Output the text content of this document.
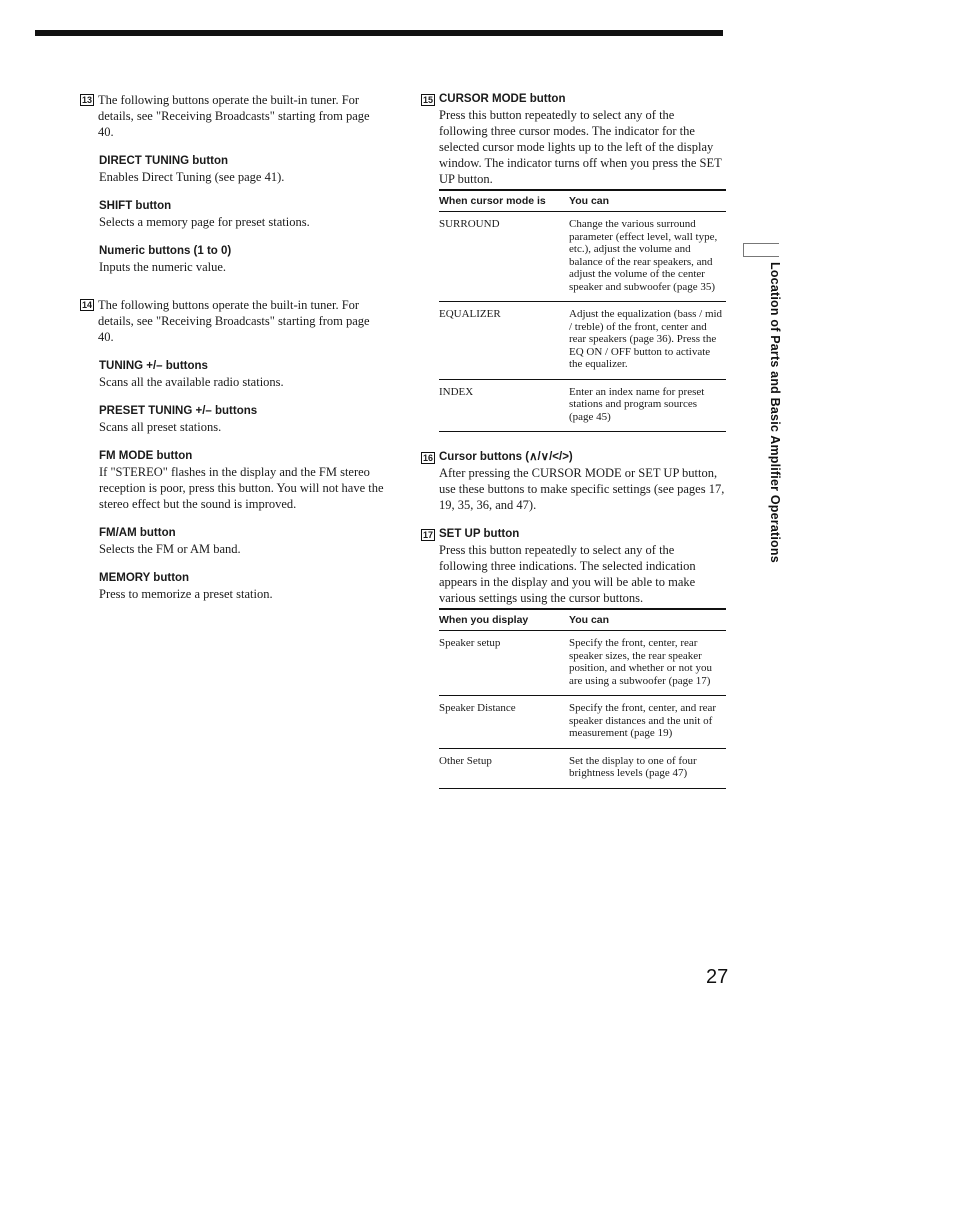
13 The following buttons operate the built-in tuner. For details, see "Receiving Broadcasts" starting from page 40.
DIRECT TUNING button
Enables Direct Tuning (see page 41).
SHIFT button
Selects a memory page for preset stations.
Numeric buttons (1 to 0)
Inputs the numeric value.
14 The following buttons operate the built-in tuner. For details, see "Receiving Broadcasts" starting from page 40.
TUNING +/– buttons
Scans all the available radio stations.
PRESET TUNING +/– buttons
Scans all preset stations.
FM MODE button
If "STEREO" flashes in the display and the FM stereo reception is poor, press this button. You will not have the stereo effect but the sound is improved.
FM/AM button
Selects the FM or AM band.
MEMORY button
Press to memorize a preset station.
15 CURSOR MODE button
Press this button repeatedly to select any of the following three cursor modes. The indicator for the selected cursor mode lights up to the left of the display window. The indicator turns off when you press the SET UP button.
When cursor mode is	You can
SURROUND	Change the various surround parameter (effect level, wall type, etc.), adjust the volume and balance of the rear speakers, and adjust the volume of the center speaker and subwoofer (page 35)
EQUALIZER	Adjust the equalization (bass / mid / treble) of the front, center and rear speakers (page 36). Press the EQ ON / OFF button to activate the equalizer.
INDEX	Enter an index name for preset stations and program sources (page 45)
16 Cursor buttons (∧/∨/</>)
After pressing the CURSOR MODE or SET UP button, use these buttons to make specific settings (see pages 17, 19, 35, 36, and 47).
17 SET UP button
Press this button repeatedly to select any of the following three indications. The selected indication appears in the display and you will be able to make various settings using the cursor buttons.
When you display	You can
Speaker setup	Specify the front, center, rear speaker sizes, the rear speaker position, and whether or not you are using a subwoofer (page 17)
Speaker Distance	Specify the front, center, and rear speaker distances and the unit of measurement (page 19)
Other Setup	Set the display to one of four brightness levels (page 47)
Location of Parts and Basic Amplifier Operations
27
